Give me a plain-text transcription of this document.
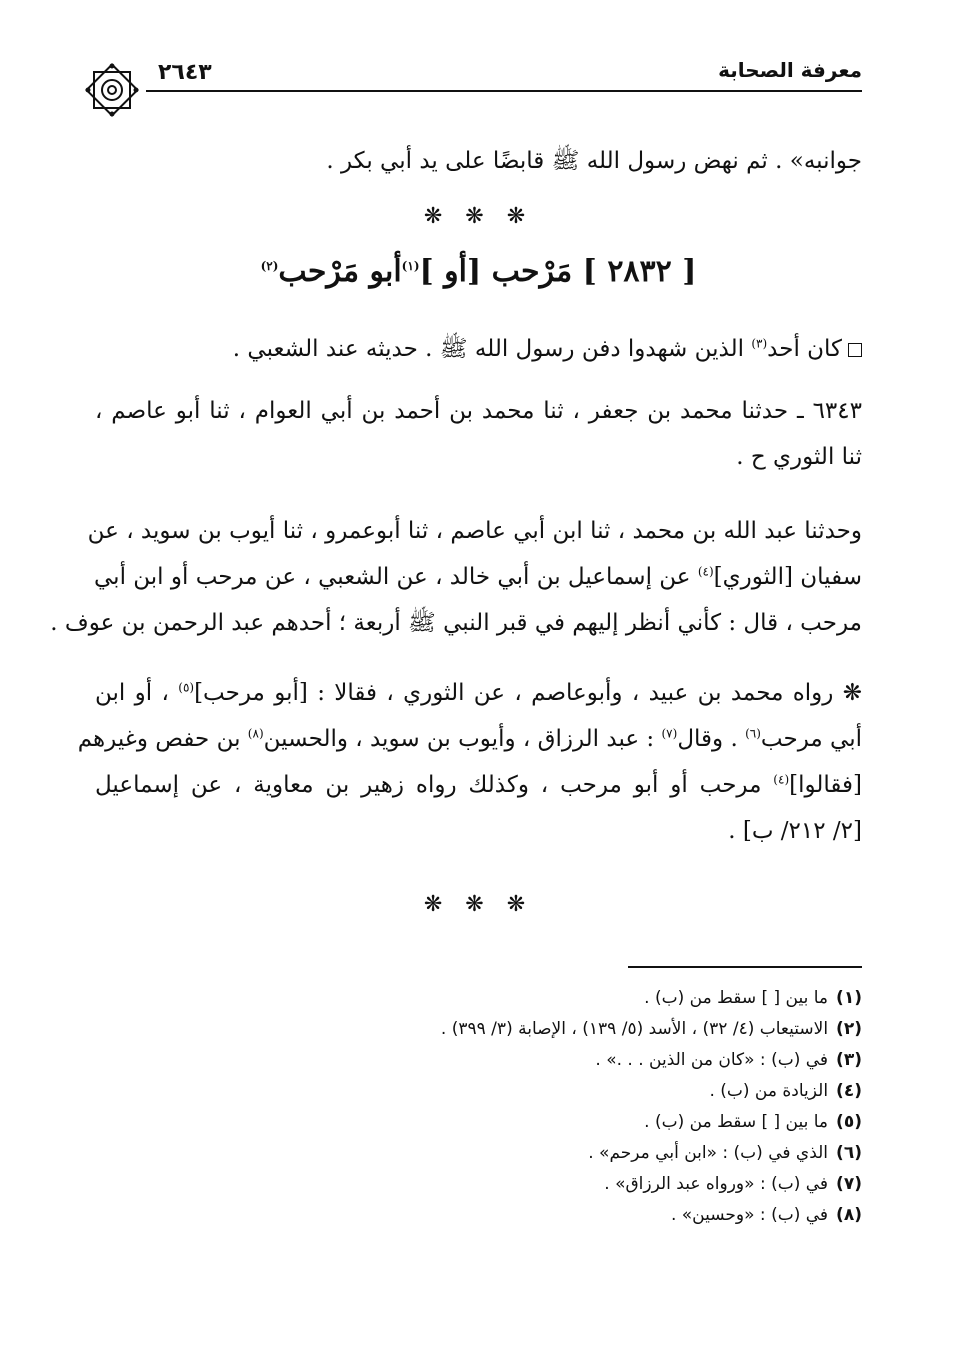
٢٦٤٣	معرفة الصحابة
جوانبه» . ثم نهض رسول الله ﷺ قابضًا على يد أبي بكر .
❋ ❋ ❋
[ ٢٨٣٢ ] مَرْحب [أو ]$^{(١)}$أبو مَرْحب$^{(٢)}$
كان أحد$^{(٣)}$ الذين شهدوا دفن رسول الله ﷺ . حديثه عند الشعبي .
٦٣٤٣ ـ حدثنا محمد بن جعفر ، ثنا محمد بن أحمد بن أبي العوام ، ثنا أبو عاصم ،
ثنا الثوري ح .
وحدثنا عبد الله بن محمد ، ثنا ابن أبي عاصم ، ثنا أبوعمرو ، ثنا أيوب بن سويد ، عن
سفيان [الثوري]$^{(٤)}$ عن إسماعيل بن أبي خالد ، عن الشعبي ، عن مرحب أو ابن أبي
مرحب ، قال : كأني أنظر إليهم في قبر النبي ﷺ أربعة ؛ أحدهم عبد الرحمن بن عوف .
❋ رواه محمد بن عبيد ، وأبوعاصم ، عن الثوري ، فقالا : [أبو مرحب]$^{(٥)}$ ، أو ابن
أبي مرحب$^{(٦)}$ . وقال$^{(٧)}$ : عبد الرزاق ، وأيوب بن سويد ، والحسين$^{(٨)}$ بن حفص وغيرهم
[فقالوا]$^{(٤)}$ مرحب أو أبو مرحب ، وكذلك رواه زهير بن معاوية ، عن إسماعيل
[٢/ ٢١٢/ ب] .
❋ ❋ ❋
(١)ما بين [ ] سقط من (ب) .
(٢)الاستيعاب (٤/ ٣٢) ، الأسد (٥/ ١٣٩) ، الإصابة (٣/ ٣٩٩) .
(٣)في (ب) : «كان من الذين . . .» .
(٤)الزيادة من (ب) .
(٥)ما بين [ ] سقط من (ب) .
(٦)الذي في (ب) : «ابن أبي مرحم» .
(٧)في (ب) : «ورواه عبد الرزاق» .
(٨)في (ب) : «وحسين» .
